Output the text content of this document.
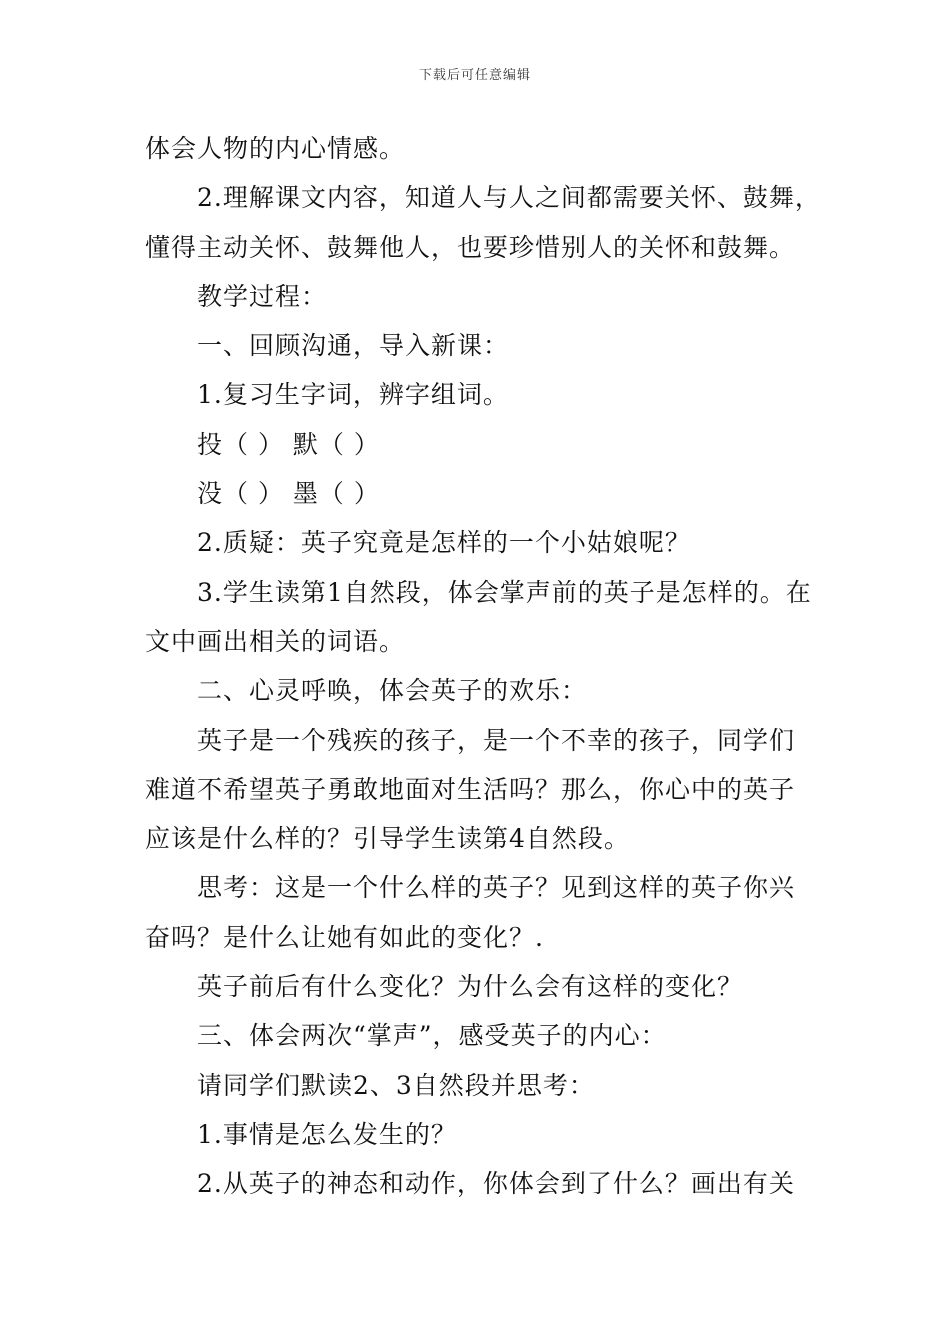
下载后可任意编辑
体会人物的内心情感。
2.理解课文内容，知道人与人之间都需要关怀、鼓舞，
懂得主动关怀、鼓舞他人，也要珍惜别人的关怀和鼓舞。
教学过程：
一、回顾沟通，导入新课：
1.复习生字词，辨字组词。
投（ ） 默（ ）
没（ ） 墨（ ）
2.质疑：英子究竟是怎样的一个小姑娘呢？
3.学生读第1自然段，体会掌声前的英子是怎样的。在
文中画出相关的词语。
二、心灵呼唤，体会英子的欢乐：
英子是一个残疾的孩子，是一个不幸的孩子，同学们
难道不希望英子勇敢地面对生活吗？那么，你心中的英子
应该是什么样的？引导学生读第4自然段。
思考：这是一个什么样的英子？见到这样的英子你兴
奋吗？是什么让她有如此的变化？.
英子前后有什么变化？为什么会有这样的变化？
三、体会两次“掌声”，感受英子的内心：
请同学们默读2、3自然段并思考：
1.事情是怎么发生的？
2.从英子的神态和动作，你体会到了什么？画出有关
